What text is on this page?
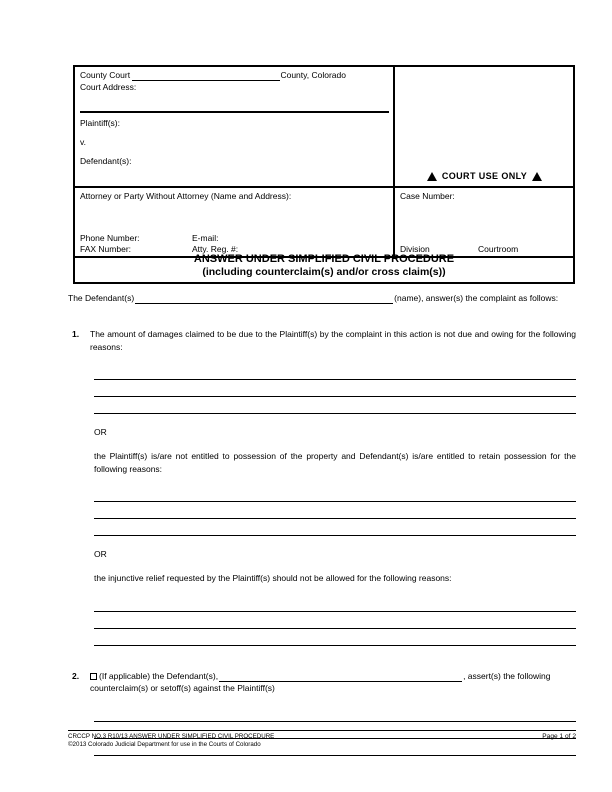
County Court	County, Colorado
Court Address:
Plaintiff(s):
v.
Defendant(s):
COURT USE ONLY
Attorney or Party Without Attorney (Name and Address):
Phone Number:	E-mail:
FAX Number:	Atty. Reg. #:
Case Number:
Division	Courtroom
ANSWER UNDER SIMPLIFIED CIVIL PROCEDURE
(including counterclaim(s) and/or cross claim(s))
The Defendant(s)	(name), answer(s) the complaint as follows:
1.	The amount of damages claimed to be due to the Plaintiff(s) by the complaint in this action is not due and owing for the following reasons:
OR
the Plaintiff(s) is/are not entitled to possession of the property and Defendant(s) is/are entitled to retain possession for the following reasons:
OR
the injunctive relief requested by the Plaintiff(s) should not be allowed for the following reasons:
2.	(If applicable) the Defendant(s),	, assert(s) the following counterclaim(s) or setoff(s) against the Plaintiff(s)
CRCCP NO.3 R10/13 ANSWER UNDER SIMPLIFIED CIVIL PROCEDURE
©2013 Colorado Judicial Department for use in the Courts of Colorado
Page 1 of 2
